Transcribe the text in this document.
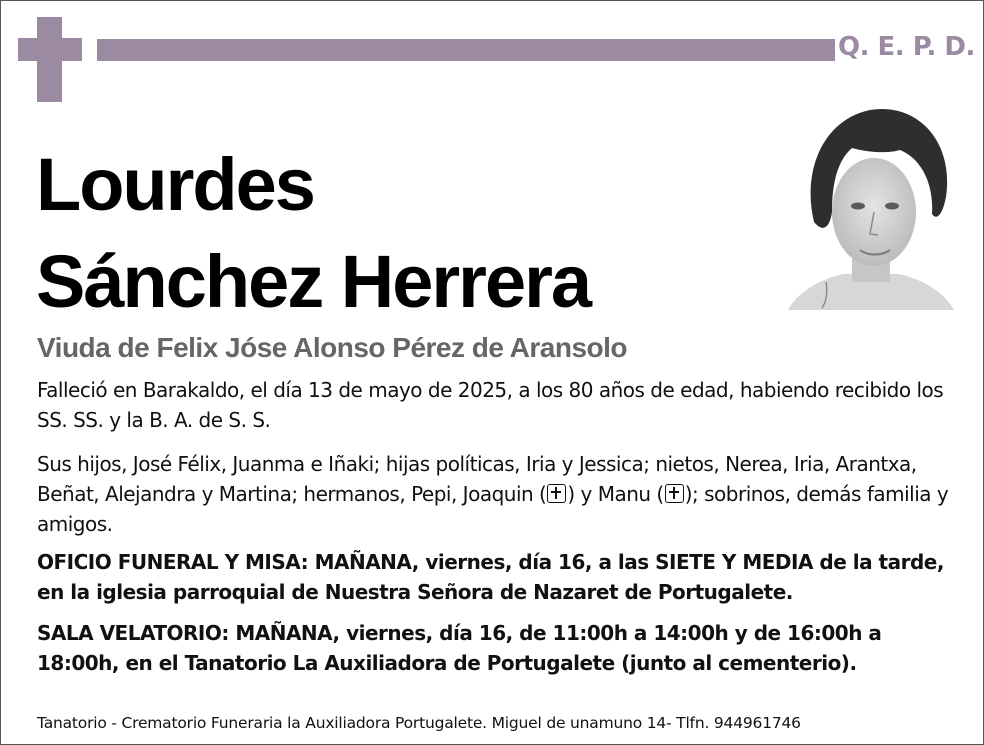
Q. E. P. D.
Lourdes
Sánchez Herrera
Viuda de Felix Jóse Alonso Pérez de Aransolo
Falleció en Barakaldo, el día 13 de mayo de 2025, a los 80 años de edad, habiendo recibido los SS. SS. y la B. A. de S. S.
Sus hijos, José Félix, Juanma e Iñaki; hijas políticas, Iria y Jessica; nietos, Nerea, Iria, Arantxa, Beñat, Alejandra y Martina; hermanos, Pepi, Joaquin ( ) y Manu ( ); sobrinos, demás familia y amigos.
OFICIO FUNERAL Y MISA: MAÑANA, viernes, día 16, a las SIETE Y MEDIA de la tarde, en la iglesia parroquial de Nuestra Señora de Nazaret de Portugalete.
SALA VELATORIO: MAÑANA, viernes, día 16, de 11:00h a 14:00h y de 16:00h a 18:00h, en el Tanatorio La Auxiliadora de Portugalete (junto al cementerio).
Tanatorio - Crematorio Funeraria la Auxiliadora Portugalete. Miguel de unamuno 14- Tlfn. 944961746
